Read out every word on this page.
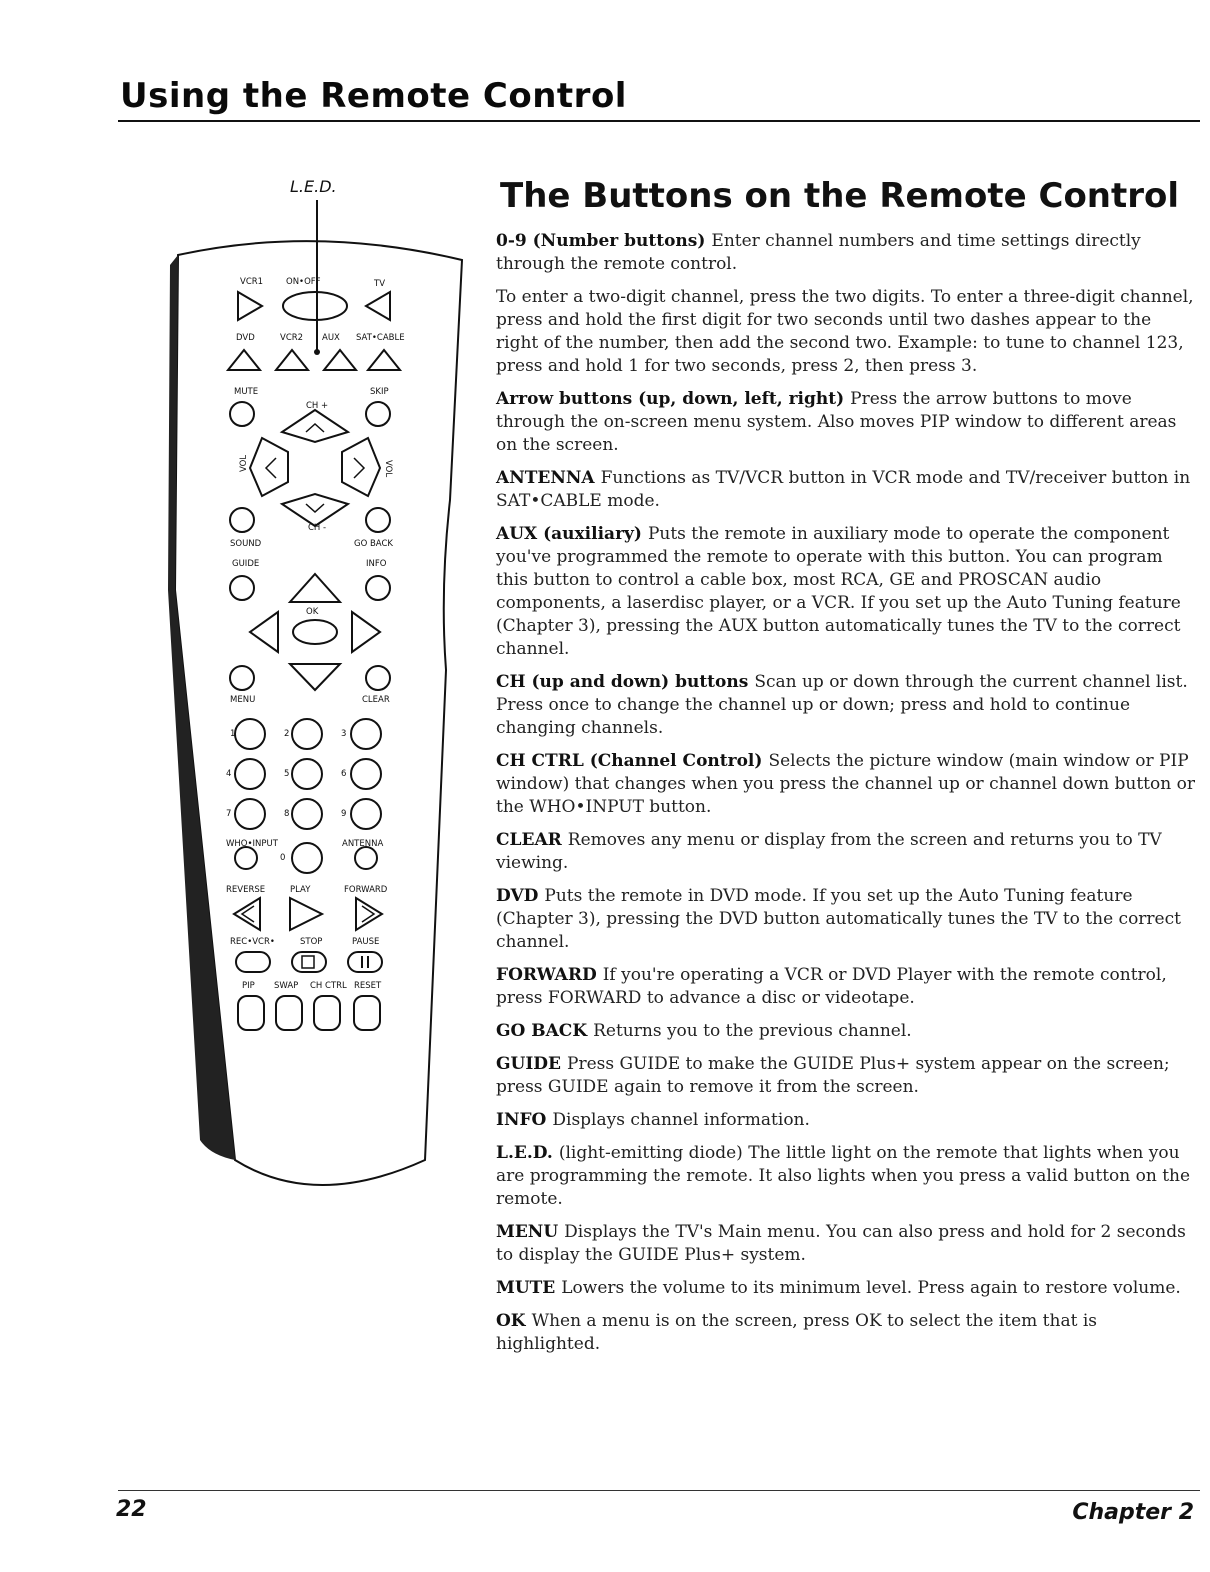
Using the Remote Control
L.E.D.
VCR1	ON•OFF	TV
DVD	VCR2 AUX SAT•CABLE
MUTE	SKIP
CH +
VOL	VOL
CH -
SOUND	GO BACK
GUIDE	INFO
OK
MENU	CLEAR
1	2	3
4	5	6
7	8	9
WHO•INPUT	ANTENNA
0
REVERSE	PLAY	FORWARD
REC•VCR•	STOP	PAUSE
PIP SWAP CH CTRL RESET
The Buttons on the Remote Control

0-9 (Number buttons) Enter channel numbers and time settings directly through the remote control.

To enter a two-digit channel, press the two digits. To enter a three-digit channel, press and hold the first digit for two seconds until two dashes appear to the right of the number, then add the second two. Example: to tune to channel 123, press and hold 1 for two seconds, press 2, then press 3.

Arrow buttons (up, down, left, right) Press the arrow buttons to move through the on-screen menu system. Also moves PIP window to different areas on the screen.

ANTENNA Functions as TV/VCR button in VCR mode and TV/receiver button in SAT•CABLE mode.

AUX (auxiliary) Puts the remote in auxiliary mode to operate the component you've programmed the remote to operate with this button. You can program this button to control a cable box, most RCA, GE and PROSCAN audio components, a laserdisc player, or a VCR. If you set up the Auto Tuning feature (Chapter 3), pressing the AUX button automatically tunes the TV to the correct channel.

CH (up and down) buttons Scan up or down through the current channel list. Press once to change the channel up or down; press and hold to continue changing channels.

CH CTRL (Channel Control) Selects the picture window (main window or PIP window) that changes when you press the channel up or channel down button or the WHO•INPUT button.

CLEAR Removes any menu or display from the screen and returns you to TV viewing.

DVD Puts the remote in DVD mode. If you set up the Auto Tuning feature (Chapter 3), pressing the DVD button automatically tunes the TV to the correct channel.

FORWARD If you're operating a VCR or DVD Player with the remote control, press FORWARD to advance a disc or videotape.

GO BACK Returns you to the previous channel.

GUIDE Press GUIDE to make the GUIDE Plus+ system appear on the screen; press GUIDE again to remove it from the screen.

INFO Displays channel information.

L.E.D. (light-emitting diode) The little light on the remote that lights when you are programming the remote. It also lights when you press a valid button on the remote.

MENU Displays the TV's Main menu. You can also press and hold for 2 seconds to display the GUIDE Plus+ system.

MUTE Lowers the volume to its minimum level. Press again to restore volume.

OK When a menu is on the screen, press OK to select the item that is highlighted.

22	Chapter 2
